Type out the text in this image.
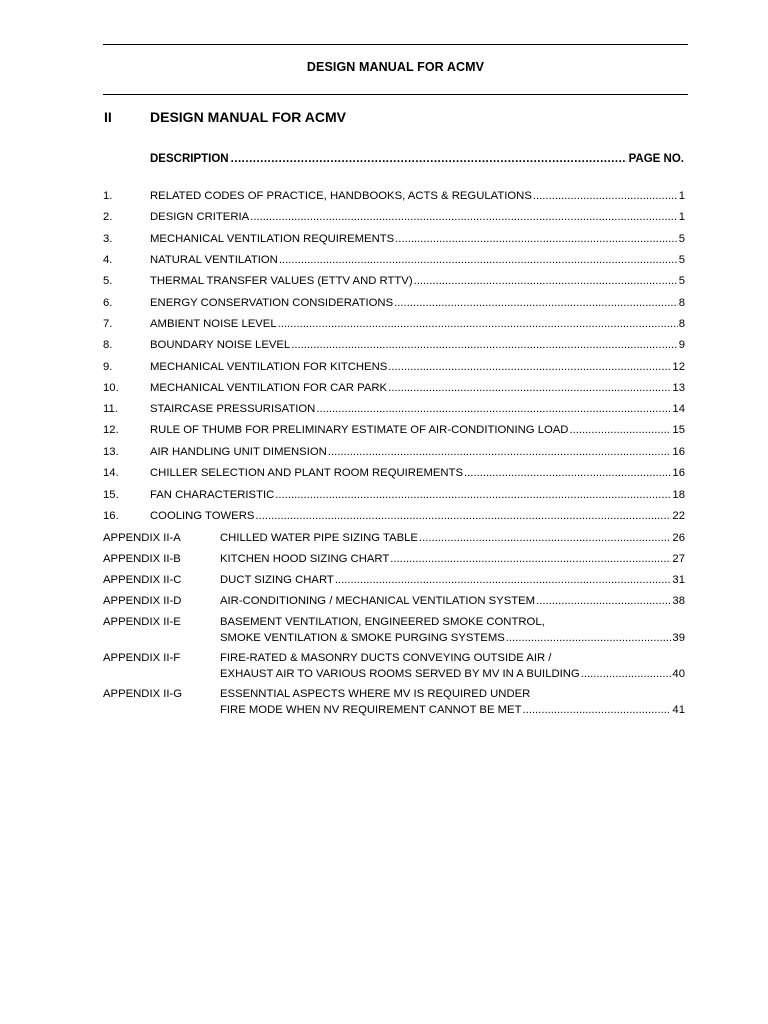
DESIGN MANUAL FOR ACMV
II	DESIGN MANUAL FOR ACMV
DESCRIPTION .....	PAGE NO.
1.	RELATED CODES OF PRACTICE, HANDBOOKS, ACTS & REGULATIONS .....	1
2.	DESIGN CRITERIA .....	1
3.	MECHANICAL VENTILATION REQUIREMENTS .....	5
4.	NATURAL VENTILATION .....	5
5.	THERMAL TRANSFER VALUES (ETTV AND RTTV) .....	5
6.	ENERGY CONSERVATION CONSIDERATIONS .....	8
7.	AMBIENT NOISE LEVEL .....	8
8.	BOUNDARY NOISE LEVEL .....	9
9.	MECHANICAL VENTILATION FOR KITCHENS .....	12
10.	MECHANICAL VENTILATION FOR CAR PARK .....	13
11.	STAIRCASE PRESSURISATION .....	14
12.	RULE OF THUMB FOR PRELIMINARY ESTIMATE OF AIR-CONDITIONING LOAD .....	15
13.	AIR HANDLING UNIT DIMENSION .....	16
14.	CHILLER SELECTION AND PLANT ROOM REQUIREMENTS .....	16
15.	FAN CHARACTERISTIC .....	18
16.	COOLING TOWERS .....	22
APPENDIX II-A	CHILLED WATER PIPE SIZING TABLE .....	26
APPENDIX II-B	KITCHEN HOOD SIZING CHART .....	27
APPENDIX II-C	DUCT SIZING CHART .....	31
APPENDIX II-D	AIR-CONDITIONING / MECHANICAL VENTILATION SYSTEM .....	38
APPENDIX II-E	BASEMENT VENTILATION, ENGINEERED SMOKE CONTROL,
SMOKE VENTILATION & SMOKE PURGING SYSTEMS .....	39
APPENDIX II-F	FIRE-RATED & MASONRY DUCTS CONVEYING OUTSIDE AIR /
EXHAUST AIR TO VARIOUS ROOMS SERVED BY MV IN A BUILDING .....	40
APPENDIX II-G	ESSENNTIAL ASPECTS WHERE MV IS REQUIRED UNDER
FIRE MODE WHEN NV REQUIREMENT CANNOT BE MET .....	41
